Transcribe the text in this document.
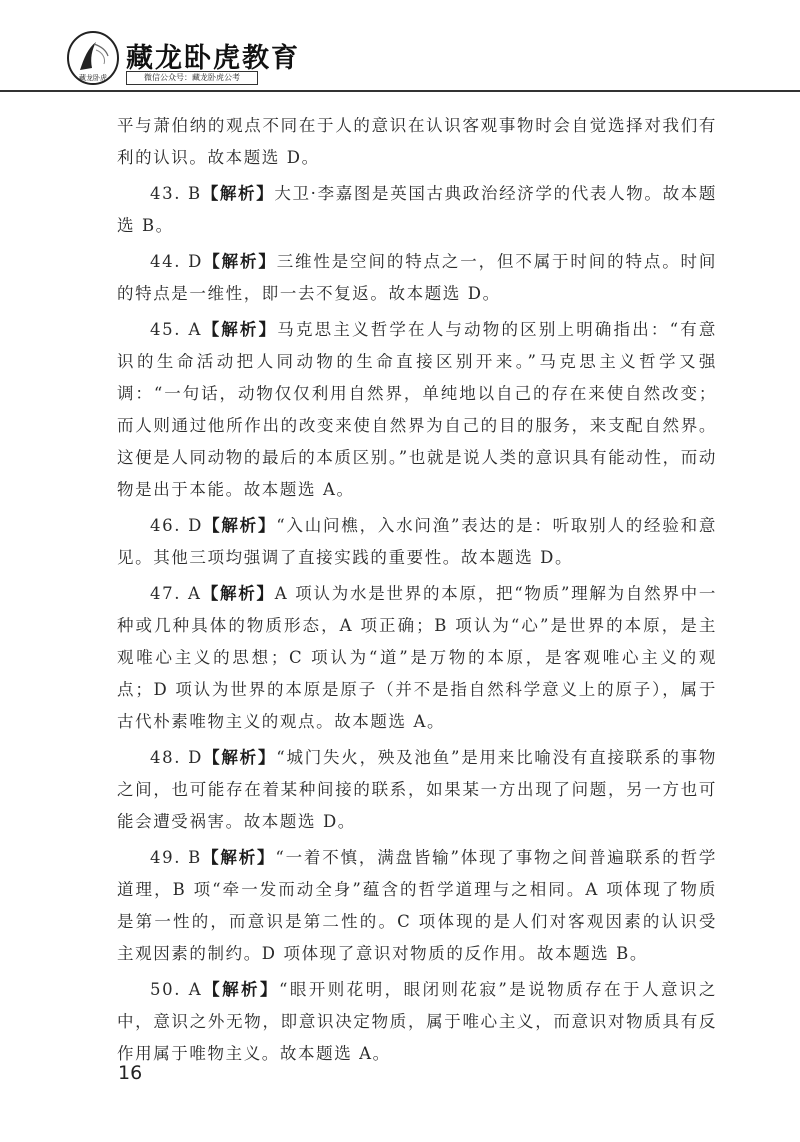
藏龙卧虎
藏龙卧虎教育
微信公众号：藏龙卧虎公考

平与萧伯纳的观点不同在于人的意识在认识客观事物时会自觉选择对我们有利的认识。故本题选 D。

43. B【解析】大卫·李嘉图是英国古典政治经济学的代表人物。故本题选 B。

44. D【解析】三维性是空间的特点之一，但不属于时间的特点。时间的特点是一维性，即一去不复返。故本题选 D。

45. A【解析】马克思主义哲学在人与动物的区别上明确指出：“有意识的生命活动把人同动物的生命直接区别开来。”马克思主义哲学又强调：“一句话，动物仅仅利用自然界，单纯地以自己的存在来使自然改变；而人则通过他所作出的改变来使自然界为自己的目的服务，来支配自然界。这便是人同动物的最后的本质区别。”也就是说人类的意识具有能动性，而动物是出于本能。故本题选 A。

46. D【解析】“入山问樵，入水问渔”表达的是：听取别人的经验和意见。其他三项均强调了直接实践的重要性。故本题选 D。

47. A【解析】A 项认为水是世界的本原，把“物质”理解为自然界中一种或几种具体的物质形态，A 项正确；B 项认为“心”是世界的本原，是主观唯心主义的思想；C 项认为“道”是万物的本原，是客观唯心主义的观点；D 项认为世界的本原是原子（并不是指自然科学意义上的原子），属于古代朴素唯物主义的观点。故本题选 A。

48. D【解析】“城门失火，殃及池鱼”是用来比喻没有直接联系的事物之间，也可能存在着某种间接的联系，如果某一方出现了问题，另一方也可能会遭受祸害。故本题选 D。

49. B【解析】“一着不慎，满盘皆输”体现了事物之间普遍联系的哲学道理，B 项“牵一发而动全身”蕴含的哲学道理与之相同。A 项体现了物质是第一性的，而意识是第二性的。C 项体现的是人们对客观因素的认识受主观因素的制约。D 项体现了意识对物质的反作用。故本题选 B。

50. A【解析】“眼开则花明，眼闭则花寂”是说物质存在于人意识之中，意识之外无物，即意识决定物质，属于唯心主义，而意识对物质具有反作用属于唯物主义。故本题选 A。

16
